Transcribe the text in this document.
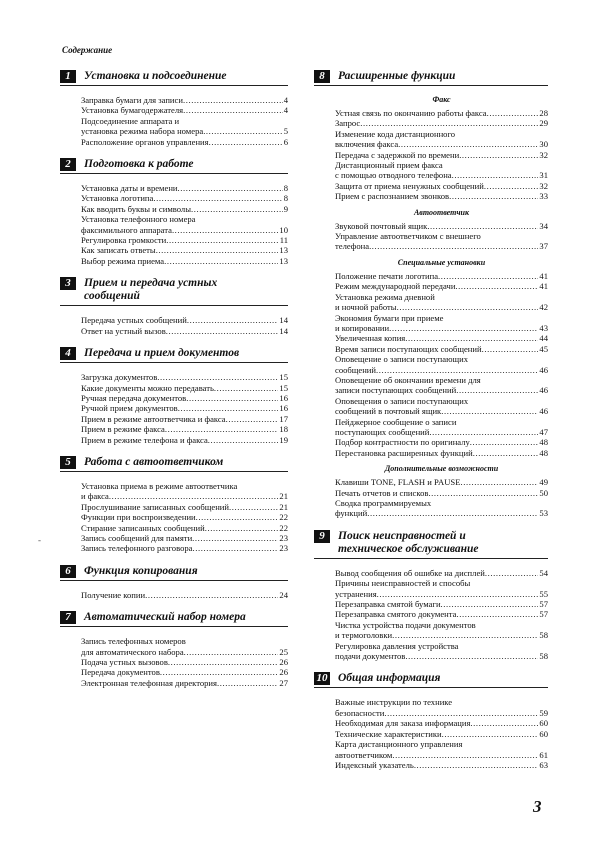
Содержание
1	Установка и подсоединение
Заправка бумаги для записи .....	4
Установка бумагодержателя .....	4
Подсоединение аппарата и
установка режима набора номера .....	5
Расположение органов управления .....	6
2	Подготовка к работе
Установка даты и времени .....	8
Установка логотипа .....	8
Как вводить буквы и символы .....	9
Установка телефонного номера
факсимильного аппарата .....	10
Регулировка громкости .....	11
Как записать ответы .....	13
Выбор режима приема .....	13
3	Прием и передача устных
сообщений
Передача устных сообщений .....	14
Ответ на устный вызов .....	14
4	Передача и прием документов
Загрузка документов .....	15
Какие документы можно передавать .....	15
Ручная передача документов .....	16
Ручной прием документов .....	16
Прием в режиме автоответчика и факса .....	17
Прием в режиме факса .....	18
Прием в режиме телефона и факса .....	19
5	Работа с автоответчиком
Установка приема в режиме автоответчика
и факса .....	21
Прослушивание записанных сообщений .....	21
Функции при воспроизведении .....	22
Стирание записанных сообщений .....	22
Запись сообщений для памяти .....	23
Запись телефонного разговора .....	23
6	Функция копирования
Получение копии .....	24
7	Автоматический набор номера
Запись телефонных номеров
для автоматического набора .....	25
Подача устных вызовов .....	26
Передача документов .....	26
Электронная телефонная директория .....	27
8	Расширенные функции
Факс
Устная связь по окончанию работы факса .....	28
Запрос .....	29
Изменение кода дистанционного
включения факса .....	30
Передача с задержкой по времени .....	32
Дистанционный прием факса
с помощью отводного телефона .....	31
Защита от приема ненужных сообщений .....	32
Прием с распознанием звонков .....	33
Автоответчик
Звуковой почтовый ящик .....	34
Управление автоответчиком с внешнего
телефона .....	37
Специальные установки
Положение печати логотипа .....	41
Режим международной передачи .....	41
Установка режима дневной
и ночной работы .....	42
Экономия бумаги при приеме
и копировании .....	43
Увеличенная копия .....	44
Время записи поступающих сообщений .....	45
Оповещение о записи поступающих
сообщений .....	46
Оповещение об окончании времени для
записи поступающих сообщений .....	46
Оповещения о записи поступающих
сообщений в почтовый ящик .....	46
Пейджерное сообщение о записи
поступающих сообщений .....	47
Подбор контрастности по оригиналу .....	48
Перестановка расширенных функций .....	48
Дополнительные возможности
Клавиши TONE, FLASH и PAUSE .....	49
Печать отчетов и списков .....	50
Сводка программируемых
функций .....	53
9	Поиск неисправностей и
техническое обслуживание
Вывод сообщения об ошибке на дисплей .....	54
Причины неисправностей и способы
устранения .....	55
Перезаправка смятой бумаги .....	57
Перезаправка смятого документа .....	57
Чистка устройства подачи документов
и термоголовки .....	58
Регулировка давления устройства
подачи документов .....	58
10 Общая информация
Важные инструкции по технике
безопасности .....	59
Необходимая для заказа информация .....	60
Технические характеристики .....	60
Карта дистанционного управления
автоответчиком .....	61
Индексный указатель .....	63
-
3
